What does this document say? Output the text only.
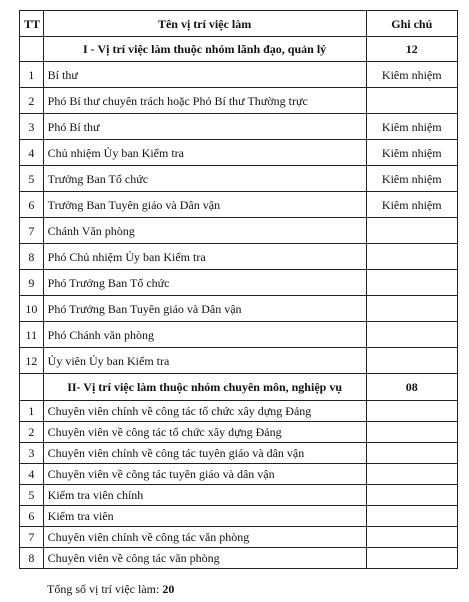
TT	Tên vị trí việc làm	Ghi chú
	I - Vị trí việc làm thuộc nhóm lãnh đạo, quản lý	12
1	Bí thư	Kiêm nhiệm
2	Phó Bí thư chuyên trách hoặc Phó Bí thư Thường trực	
3	Phó Bí thư	Kiêm nhiệm
4	Chủ nhiệm Ủy ban Kiểm tra	Kiêm nhiệm
5	Trưởng Ban Tổ chức	Kiêm nhiệm
6	Trưởng Ban Tuyên giáo và Dân vận	Kiêm nhiệm
7	Chánh Văn phòng	
8	Phó Chủ nhiệm Ủy ban Kiểm tra	
9	Phó Trưởng Ban Tổ chức	
10	Phó Trưởng Ban Tuyên giáo và Dân vận	
11	Phó Chánh văn phòng	
12	Ủy viên Ủy ban Kiểm tra	
	II- Vị trí việc làm thuộc nhóm chuyên môn, nghiệp vụ	08
1	Chuyên viên chính về công tác tổ chức xây dựng Đảng	
2	Chuyên viên về công tác tổ chức xây dựng Đảng	
3	Chuyên viên chính về công tác tuyên giáo và dân vận	
4	Chuyên viên về công tác tuyên giáo và dân vận	
5	Kiểm tra viên chính	
6	Kiểm tra viên	
7	Chuyên viên chính về công tác văn phòng	
8	Chuyên viên về công tác văn phòng	
Tổng số vị trí việc làm: 20
